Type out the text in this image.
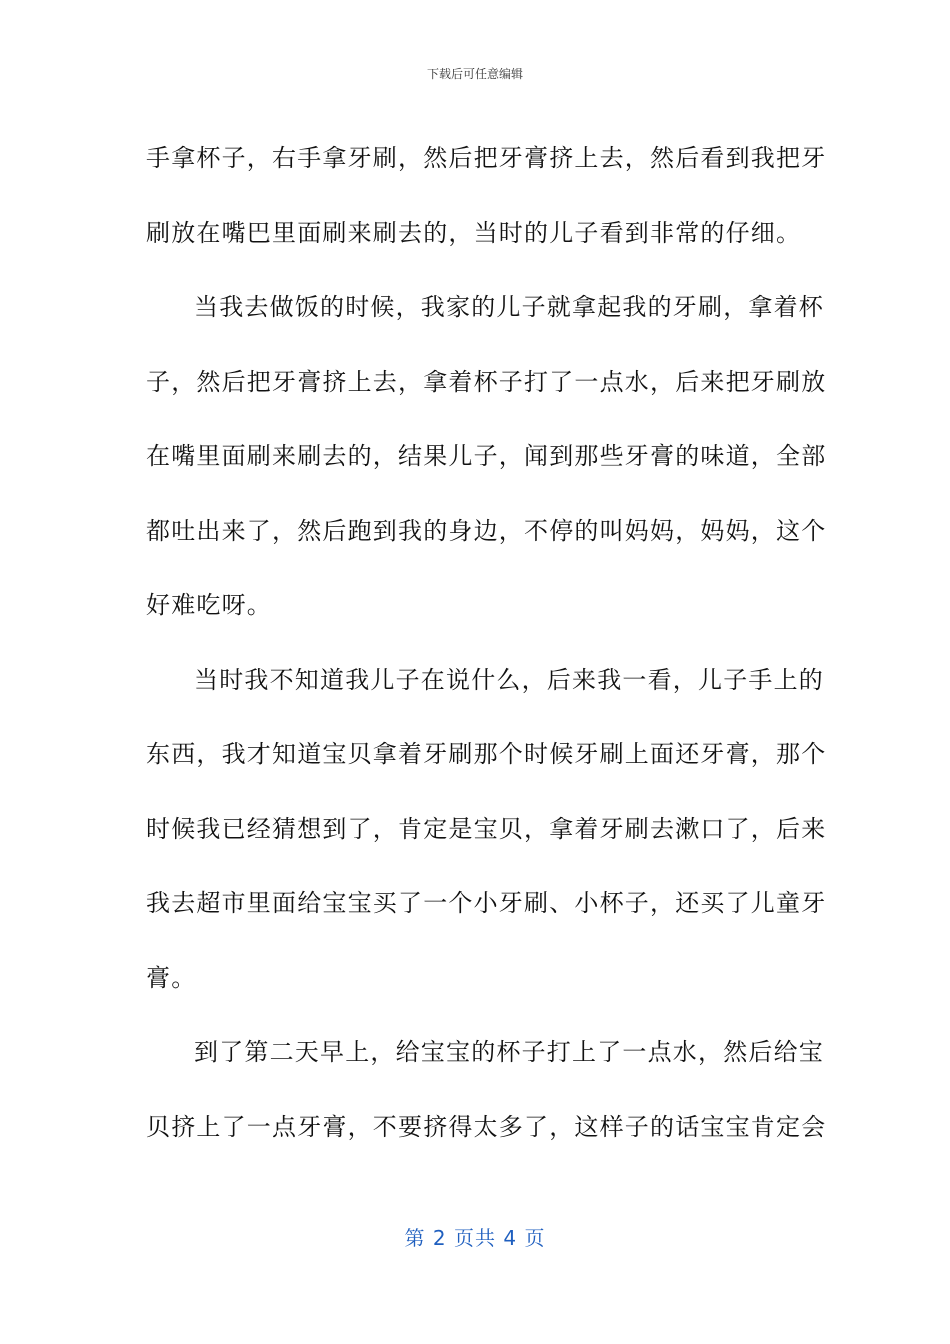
下载后可任意编辑
手拿杯子，右手拿牙刷，然后把牙膏挤上去，然后看到我把牙
刷放在嘴巴里面刷来刷去的，当时的儿子看到非常的仔细。
当我去做饭的时候，我家的儿子就拿起我的牙刷，拿着杯
子，然后把牙膏挤上去，拿着杯子打了一点水，后来把牙刷放
在嘴里面刷来刷去的，结果儿子，闻到那些牙膏的味道，全部
都吐出来了，然后跑到我的身边，不停的叫妈妈，妈妈，这个
好难吃呀。
当时我不知道我儿子在说什么，后来我一看，儿子手上的
东西，我才知道宝贝拿着牙刷那个时候牙刷上面还牙膏，那个
时候我已经猜想到了，肯定是宝贝，拿着牙刷去漱口了，后来
我去超市里面给宝宝买了一个小牙刷、小杯子，还买了儿童牙
膏。
到了第二天早上，给宝宝的杯子打上了一点水，然后给宝
贝挤上了一点牙膏，不要挤得太多了，这样子的话宝宝肯定会
第 2 页共 4 页
